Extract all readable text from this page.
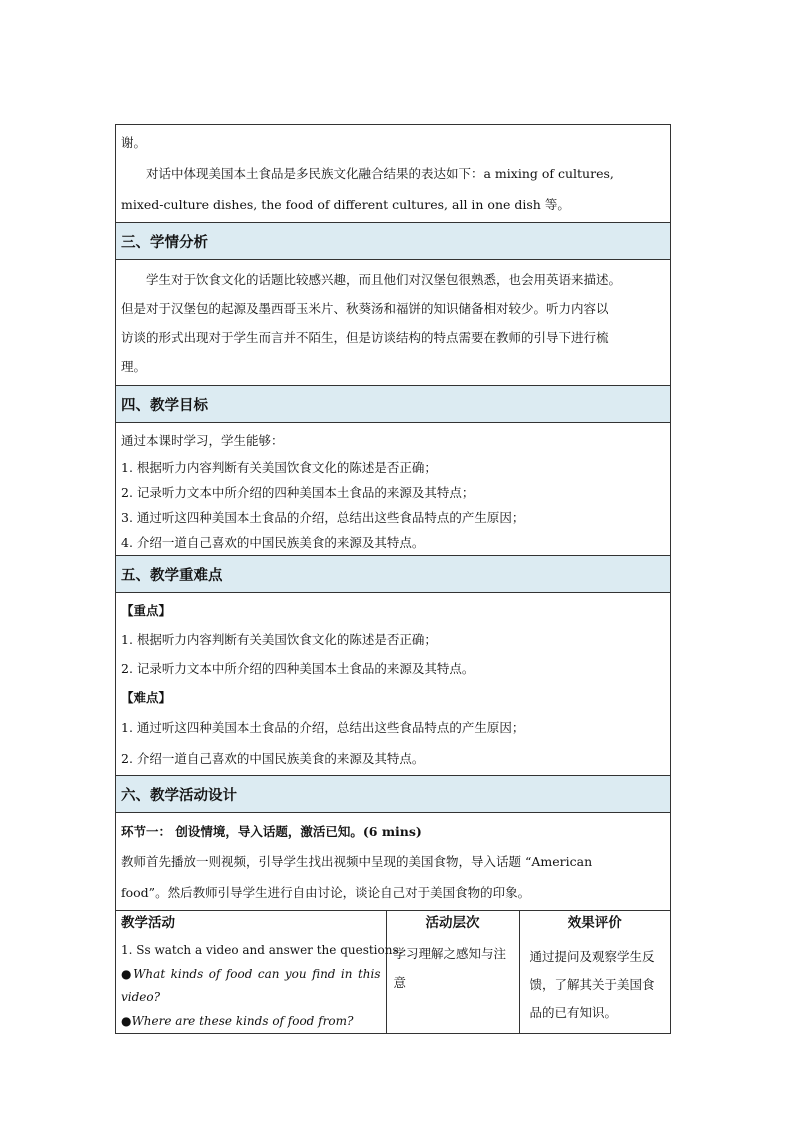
谢。

对话中体现美国本土食品是多民族文化融合结果的表达如下：a mixing of cultures,

mixed-culture dishes, the food of different cultures, all in one dish 等。

三、学情分析

学生对于饮食文化的话题比较感兴趣，而且他们对汉堡包很熟悉，也会用英语来描述。

但是对于汉堡包的起源及墨西哥玉米片、秋葵汤和福饼的知识储备相对较少。听力内容以

访谈的形式出现对于学生而言并不陌生，但是访谈结构的特点需要在教师的引导下进行梳

理。

四、教学目标

通过本课时学习，学生能够：

1. 根据听力内容判断有关美国饮食文化的陈述是否正确；

2. 记录听力文本中所介绍的四种美国本土食品的来源及其特点；

3. 通过听这四种美国本土食品的介绍，总结出这些食品特点的产生原因；

4. 介绍一道自己喜欢的中国民族美食的来源及其特点。

五、教学重难点

【重点】

1. 根据听力内容判断有关美国饮食文化的陈述是否正确；

2. 记录听力文本中所介绍的四种美国本土食品的来源及其特点。

【难点】

1. 通过听这四种美国本土食品的介绍，总结出这些食品特点的产生原因；

2. 介绍一道自己喜欢的中国民族美食的来源及其特点。

六、教学活动设计

环节一： 创设情境，导入话题，激活已知。(6 mins)

教师首先播放一则视频，引导学生找出视频中呈现的美国食物，导入话题 “American

food”。然后教师引导学生进行自由讨论，谈论自己对于美国食物的印象。

教学活动	活动层次	效果评价

1. Ss watch a video and answer the questions.

●What kinds of food can you find in this video?

●Where are these kinds of food from?

	学习理解之感知与注意	通过提问及观察学生反馈，了解其关于美国食品的已有知识。
